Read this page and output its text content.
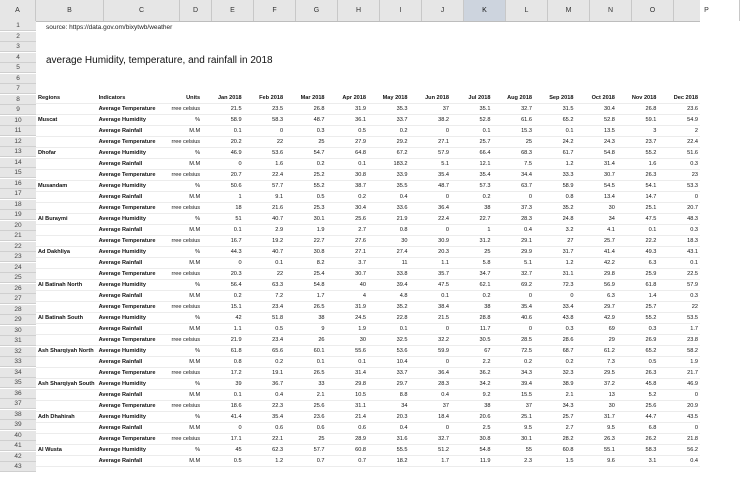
A	B	C	D	E	F	G	H	I	J	K	L	M	N	O	P
1
2
3
4
5
6
7
8
9
10
11
12
13
14
15
16
17
18
19
20
21
22
23
24
25
26
27
28
29
30
31
32
33
34
35
36
37
38
39
40
41
42
43
source: https://data.gov.om/bixytwb/weather
average Humidity, temperature, and rainfall in 2018
Regions	Indicators	Units	Jan 2018	Feb 2018	Mar 2018	Apr 2018	May 2018	Jun 2018	Jul 2018	Aug 2018	Sep 2018	Oct 2018	Nov 2018	Dec 2018
	Average Temperature	rree celsius	21.5	23.5	26.8	31.9	35.3	37	35.1	32.7	31.5	30.4	26.8	23.6
Muscat	Average Humidity	%	58.9	58.3	48.7	36.1	33.7	38.2	52.8	61.6	65.2	52.8	59.1	54.9
	Average Rainfall	M.M	0.1	0	0.3	0.5	0.2	0	0.1	15.3	0.1	13.5	3	2
	Average Temperature	rree celsius	20.2	22	25	27.9	29.2	27.1	25.7	25	24.2	24.3	23.7	22.4
Dhofar	Average Humidity	%	46.9	53.6	54.7	64.8	67.2	57.9	66.4	68.3	61.7	54.8	55.2	51.6
	Average Rainfall	M.M	0	1.6	0.2	0.1	183.2	5.1	12.1	7.5	1.2	31.4	1.6	0.3
	Average Temperature	rree celsius	20.7	22.4	25.2	30.8	33.9	35.4	35.4	34.4	33.3	30.7	26.3	23
Musandam	Average Humidity	%	50.6	57.7	55.2	38.7	35.5	48.7	57.3	63.7	58.9	54.5	54.1	53.3
	Average Rainfall	M.M	1	9.1	0.5	0.2	0.4	0	0.2	0	0.8	13.4	14.7	0
	Average Temperature	rree celsius	18	21.6	25.3	30.4	33.6	36.4	38	37.3	35.2	30	25.1	20.7
Al Buraymi	Average Humidity	%	51	40.7	30.1	25.6	21.9	22.4	22.7	28.3	24.8	34	47.5	48.3
	Average Rainfall	M.M	0.1	2.9	1.9	2.7	0.8	0	1	0.4	3.2	4.1	0.1	0.3
	Average Temperature	rree celsius	16.7	19.2	22.7	27.6	30	30.9	31.2	29.1	27	25.7	22.2	18.3
Ad Dakhliya	Average Humidity	%	44.3	40.7	30.8	27.1	27.4	20.3	25	29.9	31.7	41.4	49.3	43.1
	Average Rainfall	M.M	0	0.1	8.2	3.7	11	1.1	5.8	5.1	1.2	42.2	6.3	0.1
	Average Temperature	rree celsius	20.3	22	25.4	30.7	33.8	35.7	34.7	32.7	31.1	29.8	25.9	22.5
Al Batinah North	Average Humidity	%	56.4	63.3	54.8	40	39.4	47.5	62.1	69.2	72.3	56.9	61.8	57.9
	Average Rainfall	M.M	0.2	7.2	1.7	4	4.8	0.1	0.2	0	0	6.3	1.4	0.3
	Average Temperature	rree celsius	15.1	23.4	26.5	31.9	35.2	38.4	38	35.4	33.4	29.7	25.7	22
Al Batinah South	Average Humidity	%	42	51.8	38	24.5	22.8	21.5	28.8	40.6	43.8	42.9	55.2	53.5
	Average Rainfall	M.M	1.1	0.5	9	1.9	0.1	0	11.7	0	0.3	69	0.3	1.7
	Average Temperature	rree celsius	21.9	23.4	26	30	32.5	32.2	30.5	28.5	28.6	29	26.9	23.8
Ash Sharqiyah North	Average Humidity	%	61.8	65.6	60.1	55.6	53.6	59.9	67	72.5	68.7	61.2	65.2	58.2
	Average Rainfall	M.M	0.8	0.2	0.1	0.1	10.4	0	2.2	0.2	0.2	7.3	0.5	1.9
	Average Temperature	rree celsius	17.2	19.1	26.5	31.4	33.7	36.4	36.2	34.3	32.3	29.5	26.3	21.7
Ash Sharqiyah South	Average Humidity	%	39	36.7	33	29.8	29.7	28.3	34.2	39.4	38.9	37.2	45.8	46.9
	Average Rainfall	M.M	0.1	0.4	2.1	10.5	8.8	0.4	9.2	15.5	2.1	13	5.2	0
	Average Temperature	rree celsius	18.6	22.3	25.6	31.1	34	37	38	37	34.3	30	25.6	20.9
Adh Dhahirah	Average Humidity	%	41.4	35.4	23.6	21.4	20.3	18.4	20.6	25.1	25.7	31.7	44.7	43.5
	Average Rainfall	M.M	0	0.6	0.6	0.6	0.4	0	2.5	9.5	2.7	9.5	6.8	0
	Average Temperature	rree celsius	17.1	22.1	25	28.9	31.6	32.7	30.8	30.1	28.2	26.3	26.2	21.8
Al Wusta	Average Humidity	%	45	62.3	57.7	60.8	55.5	51.2	54.8	55	60.8	55.1	58.3	56.2
	Average Rainfall	M.M	0.5	1.2	0.7	0.7	18.2	1.7	11.9	2.3	1.5	9.6	3.1	0.4
